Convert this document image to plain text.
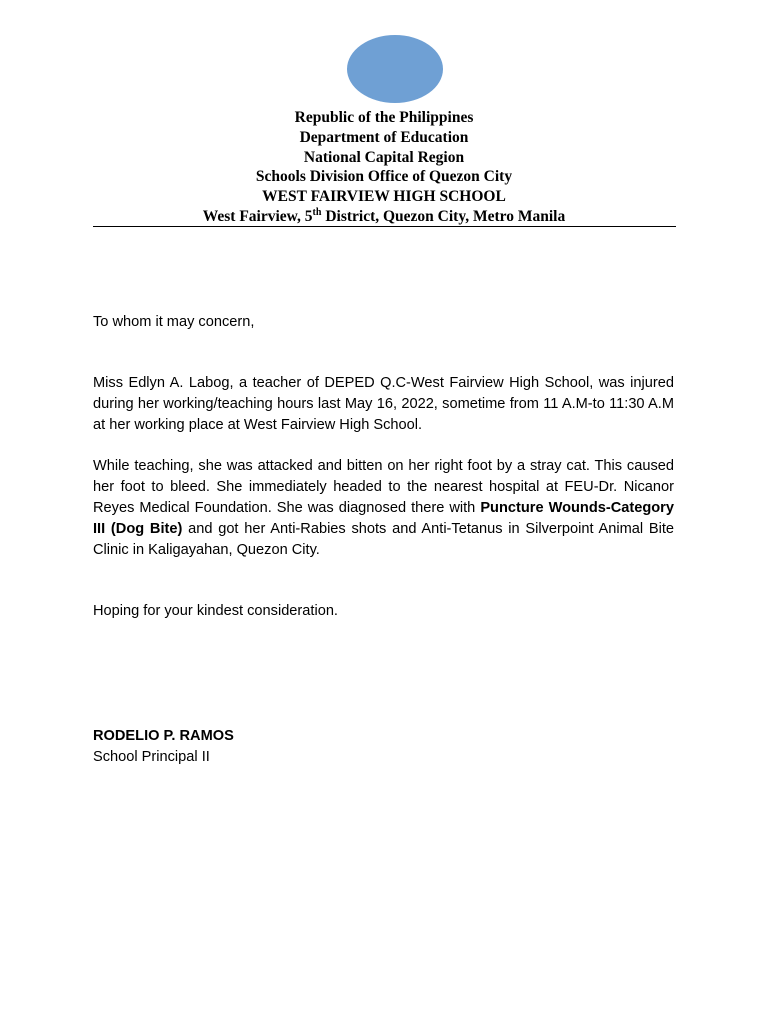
Republic of the Philippines
Department of Education
National Capital Region
Schools Division Office of Quezon City
WEST FAIRVIEW HIGH SCHOOL
West Fairview, 5th District, Quezon City, Metro Manila
To whom it may concern,
Miss Edlyn A. Labog, a teacher of DEPED Q.C-West Fairview High School, was injured during her working/teaching hours last May 16, 2022, sometime from 11 A.M-to 11:30 A.M at her working place at West Fairview High School.
While teaching, she was attacked and bitten on her right foot by a stray cat. This caused her foot to bleed. She immediately headed to the nearest hospital at FEU-Dr. Nicanor Reyes Medical Foundation. She was diagnosed there with Puncture Wounds-Category III (Dog Bite) and got her Anti-Rabies shots and Anti-Tetanus in Silverpoint Animal Bite Clinic in Kaligayahan, Quezon City.
Hoping for your kindest consideration.
RODELIO P. RAMOS
School Principal II
